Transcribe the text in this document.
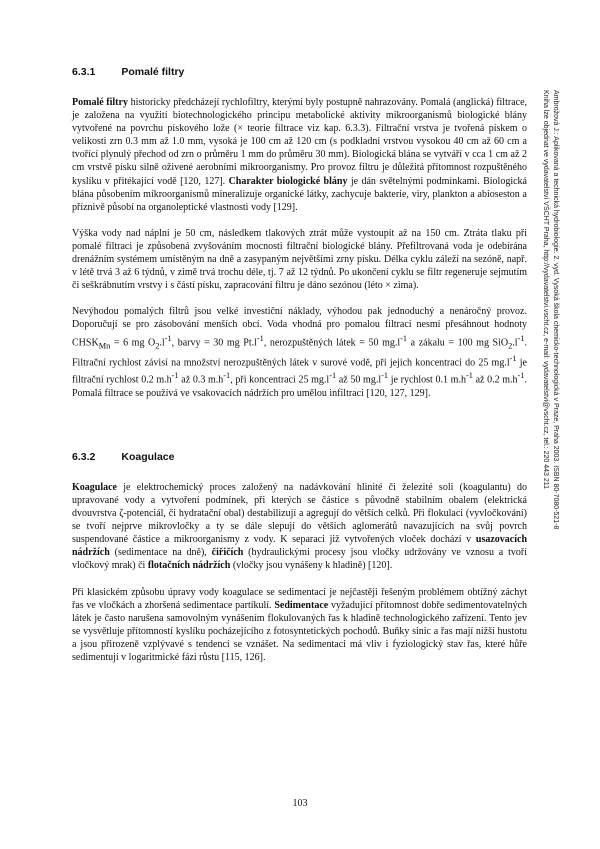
Ambrožová J.: Aplikovaná a technická hydrobiologie. 2. vyd. Vysoká škola chemicko-technologická v Praze, Praha 2003. ISBN 80-7080-521-8
Kniha lze objednat ve vydavatelství VŠCHT Praha, http://vydavatelstvi.vscht.cz, e-mail: vydavatelstvi@vscht.cz, tel.: 220 443 211
6.3.1 Pomalé filtry

Pomalé filtry historicky předcházejí rychlofiltry, kterými byly postupně nahrazovány. Pomalá (anglická) filtrace, je založena na využití biotechnologického principu metabolické aktivity mikroorganismů biologické blány vytvořené na povrchu pískového lože (× teorie filtrace viz kap. 6.3.3). Filtrační vrstva je tvořená pískem o velikosti zrn 0.3 mm až 1.0 mm, vysoká je 100 cm až 120 cm (s podkladní vrstvou vysokou 40 cm až 60 cm a tvořící plynulý přechod od zrn o průměru 1 mm do průměru 30 mm). Biologická blána se vytváří v cca 1 cm až 2 cm vrstvě písku silně oživené aerobními mikroorganismy. Pro provoz filtru je důležitá přítomnost rozpuštěného kyslíku v přitékající vodě [120, 127]. Charakter biologické blány je dán světelnými podmínkami. Biologická blána působením mikroorganismů mineralizuje organické látky, zachycuje bakterie, viry, plankton a abioseston a příznivě působí na organoleptické vlastnosti vody [129].

Výška vody nad náplní je 50 cm, následkem tlakových ztrát může vystoupit až na 150 cm. Ztráta tlaku při pomalé filtraci je způsobená zvyšováním mocnosti filtrační biologické blány. Přefiltrovaná voda je odebírána drenážním systémem umístěným na dně a zasypaným největšími zrny písku. Délka cyklu záleží na sezóně, např. v létě trvá 3 až 6 týdnů, v zimě trvá trochu déle, tj. 7 až 12 týdnů. Po ukončení cyklu se filtr regeneruje sejmutím či seškrábnutím vrstvy i s částí písku, zapracování filtru je dáno sezónou (léto × zima).

Nevýhodou pomalých filtrů jsou velké investiční náklady, výhodou pak jednoduchý a nenáročný provoz. Doporučují se pro zásobování menších obcí. Voda vhodná pro pomalou filtraci nesmí přesáhnout hodnoty $CHSK_{Mn} = 6$ mg $O_2.l^{-1}$, barvy = 30 mg $Pt.l^{-1}$, nerozpuštěných látek = 50 $mg.l^{-1}$ a zákalu = 100 mg $SiO_2.l^{-1}$. Filtrační rychlost závisí na množství nerozpuštěných látek v surové vodě, při jejich koncentraci do 25 $mg.l^{-1}$ je filtrační rychlost 0.2 $m.h^{-1}$ až 0.3 $m.h^{-1}$, při koncentraci 25 $mg.l^{-1}$ až 50 $mg.l^{-1}$ je rychlost 0.1 $m.h^{-1}$ až 0.2 $m.h^{-1}$. Pomalá filtrace se používá ve vsakovacích nádržích pro umělou infiltraci [120, 127, 129].

6.3.2 Koagulace

Koagulace je elektrochemický proces založený na nadávkování hlinité či železité soli (koagulantu) do upravované vody a vytvoření podmínek, při kterých se částice s původně stabilním obalem (elektrická dvouvrstva ζ-potenciál, či hydratační obal) destabilizují a agregují do větších celků. Při flokulaci (vyvločkování) se tvoří nejprve mikrovločky a ty se dále slepují do větších aglomerátů navazujících na svůj povrch suspendované částice a mikroorganismy z vody. K separaci již vytvořených vloček dochází v usazovacích nádržích (sedimentace na dně), čiřičích (hydraulickými procesy jsou vločky udržovány ve vznosu a tvoří vločkový mrak) či flotačních nádržích (vločky jsou vynášeny k hladině) [120].

Při klasickém způsobu úpravy vody koagulace se sedimentací je nejčastěji řešeným problémem obtížný záchyt řas ve vločkách a zhoršená sedimentace partikulí. Sedimentace vyžadující přítomnost dobře sedimentovatelných látek je často narušena samovolným vynášením flokulovaných řas k hladině technologického zařízení. Tento jev se vysvětluje přítomností kyslíku pocházejícího z fotosyntetických pochodů. Buňky sinic a řas mají nižší hustotu a jsou přirozeně vzplývavé s tendencí se vznášet. Na sedimentaci má vliv i fyziologický stav řas, které hůře sedimentují v logaritmické fázi růstu [115, 126].

103
